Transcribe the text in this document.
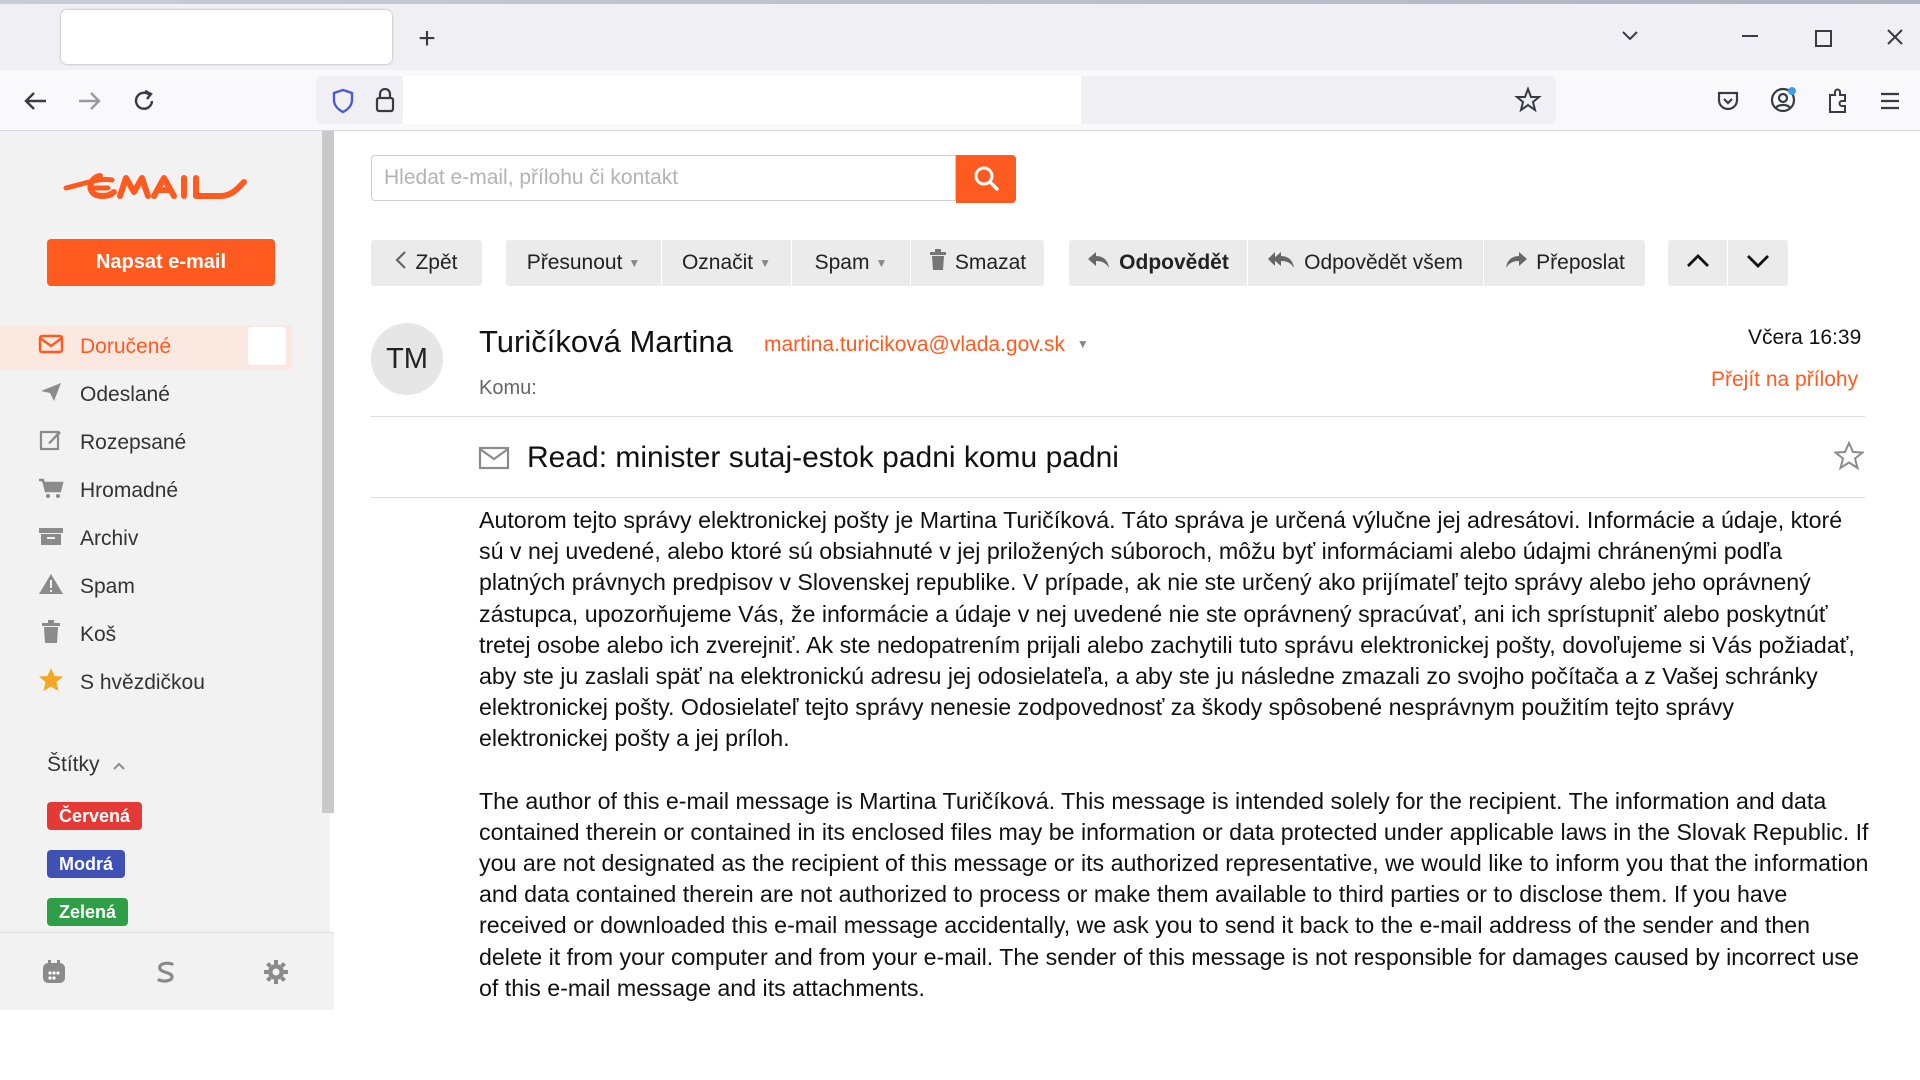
+
Napsat e-mail
Doručené
Odeslané
Rozepsané
Hromadné
Archiv
Spam
Koš
S hvězdičkou
Štítky
Červená
Modrá
Zelená
Hledat e-mail, přílohu či kontakt
Zpět	Přesunout ▼ Označit ▼ Spam ▼	Smazat	Odpovědět	Odpovědět všem	Přeposlat
TM	Turičíková Martina martina.turicikova@vlada.gov.sk ▼
Komu:
Včera 16:39
Přejít na přílohy
Read: minister sutaj-estok padni komu padni

Autorom tejto správy elektronickej pošty je Martina Turičíková. Táto správa je určená výlučne jej adresátovi. Informácie a údaje, ktoré sú v nej uvedené, alebo ktoré sú obsiahnuté v jej priložených súboroch, môžu byť informáciami alebo údajmi chránenými podľa platných právnych predpisov v Slovenskej republike. V prípade, ak nie ste určený ako prijímateľ tejto správy alebo jeho oprávnený zástupca, upozorňujeme Vás, že informácie a údaje v nej uvedené nie ste oprávnený spracúvať, ani ich sprístupniť alebo poskytnúť tretej osobe alebo ich zverejniť. Ak ste nedopatrením prijali alebo zachytili tuto správu elektronickej pošty, dovoľujeme si Vás požiadať, aby ste ju zaslali späť na elektronickú adresu jej odosielateľa, a aby ste ju následne zmazali zo svojho počítača a z Vašej schránky elektronickej pošty. Odosielateľ tejto správy nenesie zodpovednosť za škody spôsobené nesprávnym použitím tejto správy elektronickej pošty a jej príloh.

The author of this e-mail message is Martina Turičíková. This message is intended solely for the recipient. The information and data contained therein or contained in its enclosed files may be information or data protected under applicable laws in the Slovak Republic. If you are not designated as the recipient of this message or its authorized representative, we would like to inform you that the information and data contained therein are not authorized to process or make them available to third parties or to disclose them. If you have received or downloaded this e-mail message accidentally, we ask you to send it back to the e-mail address of the sender and then delete it from your computer and from your e-mail. The sender of this message is not responsible for damages caused by incorrect use of this e-mail message and its attachments.
